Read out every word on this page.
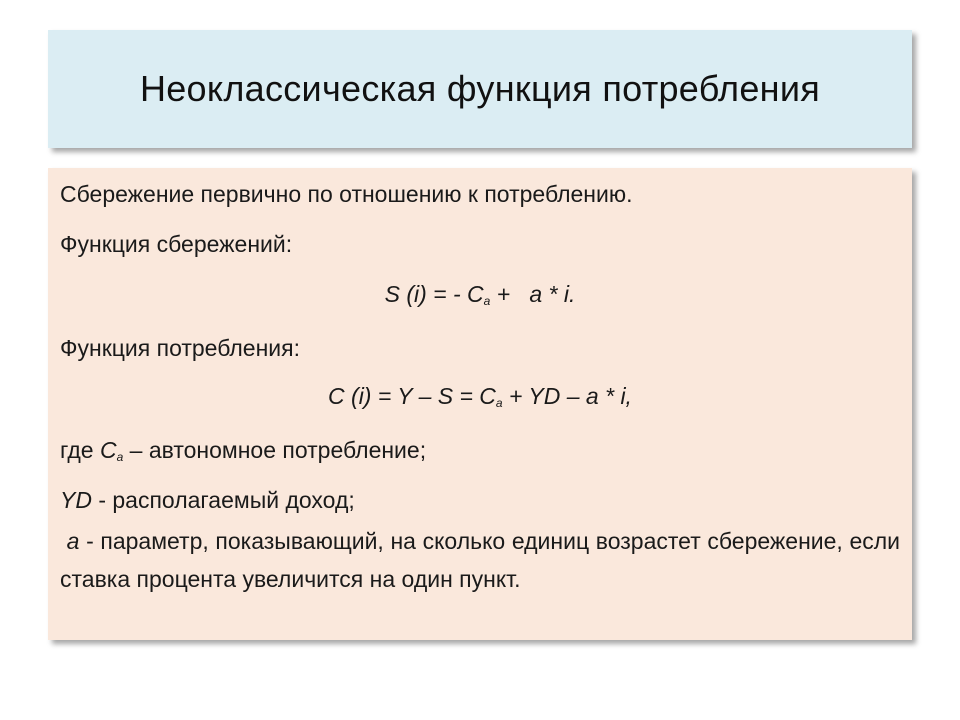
Неоклассическая функция потребления

Сбережение первично по отношению к потреблению.

Функция сбережений:

S (i) = - $C_a + a * i$.

Функция потребления:

C $(i) = Y - S = C_a$ + YD – a * i,

где $C_a$ – автономное потребление;

YD - располагаемый доход;

a - параметр, показывающий, на сколько единиц возрастет сбережение, если ставка процента увеличится на один пункт.
